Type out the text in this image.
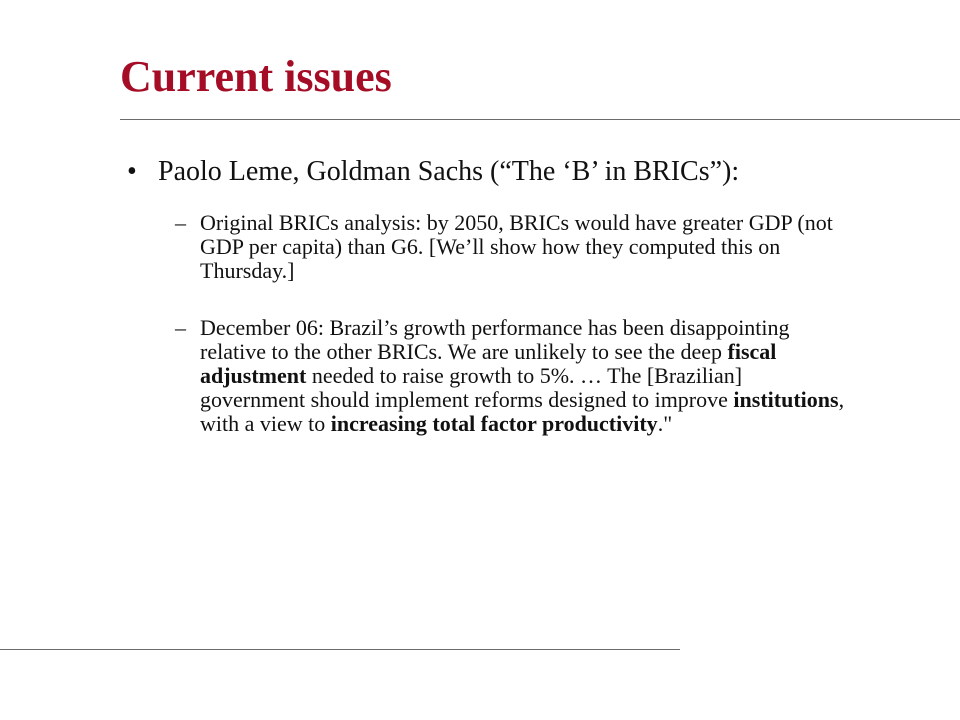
Current issues
• Paolo Leme, Goldman Sachs (“The ‘B’ in BRICs”):
– Original BRICs analysis: by 2050, BRICs would have greater GDP (not GDP per capita) than G6. [We’ll show how they computed this on Thursday.]
– December 06: Brazil’s growth performance has been disappointing relative to the other BRICs. We are unlikely to see the deep fiscal adjustment needed to raise growth to 5%. … The [Brazilian] government should implement reforms designed to improve institutions, with a view to increasing total factor productivity."
